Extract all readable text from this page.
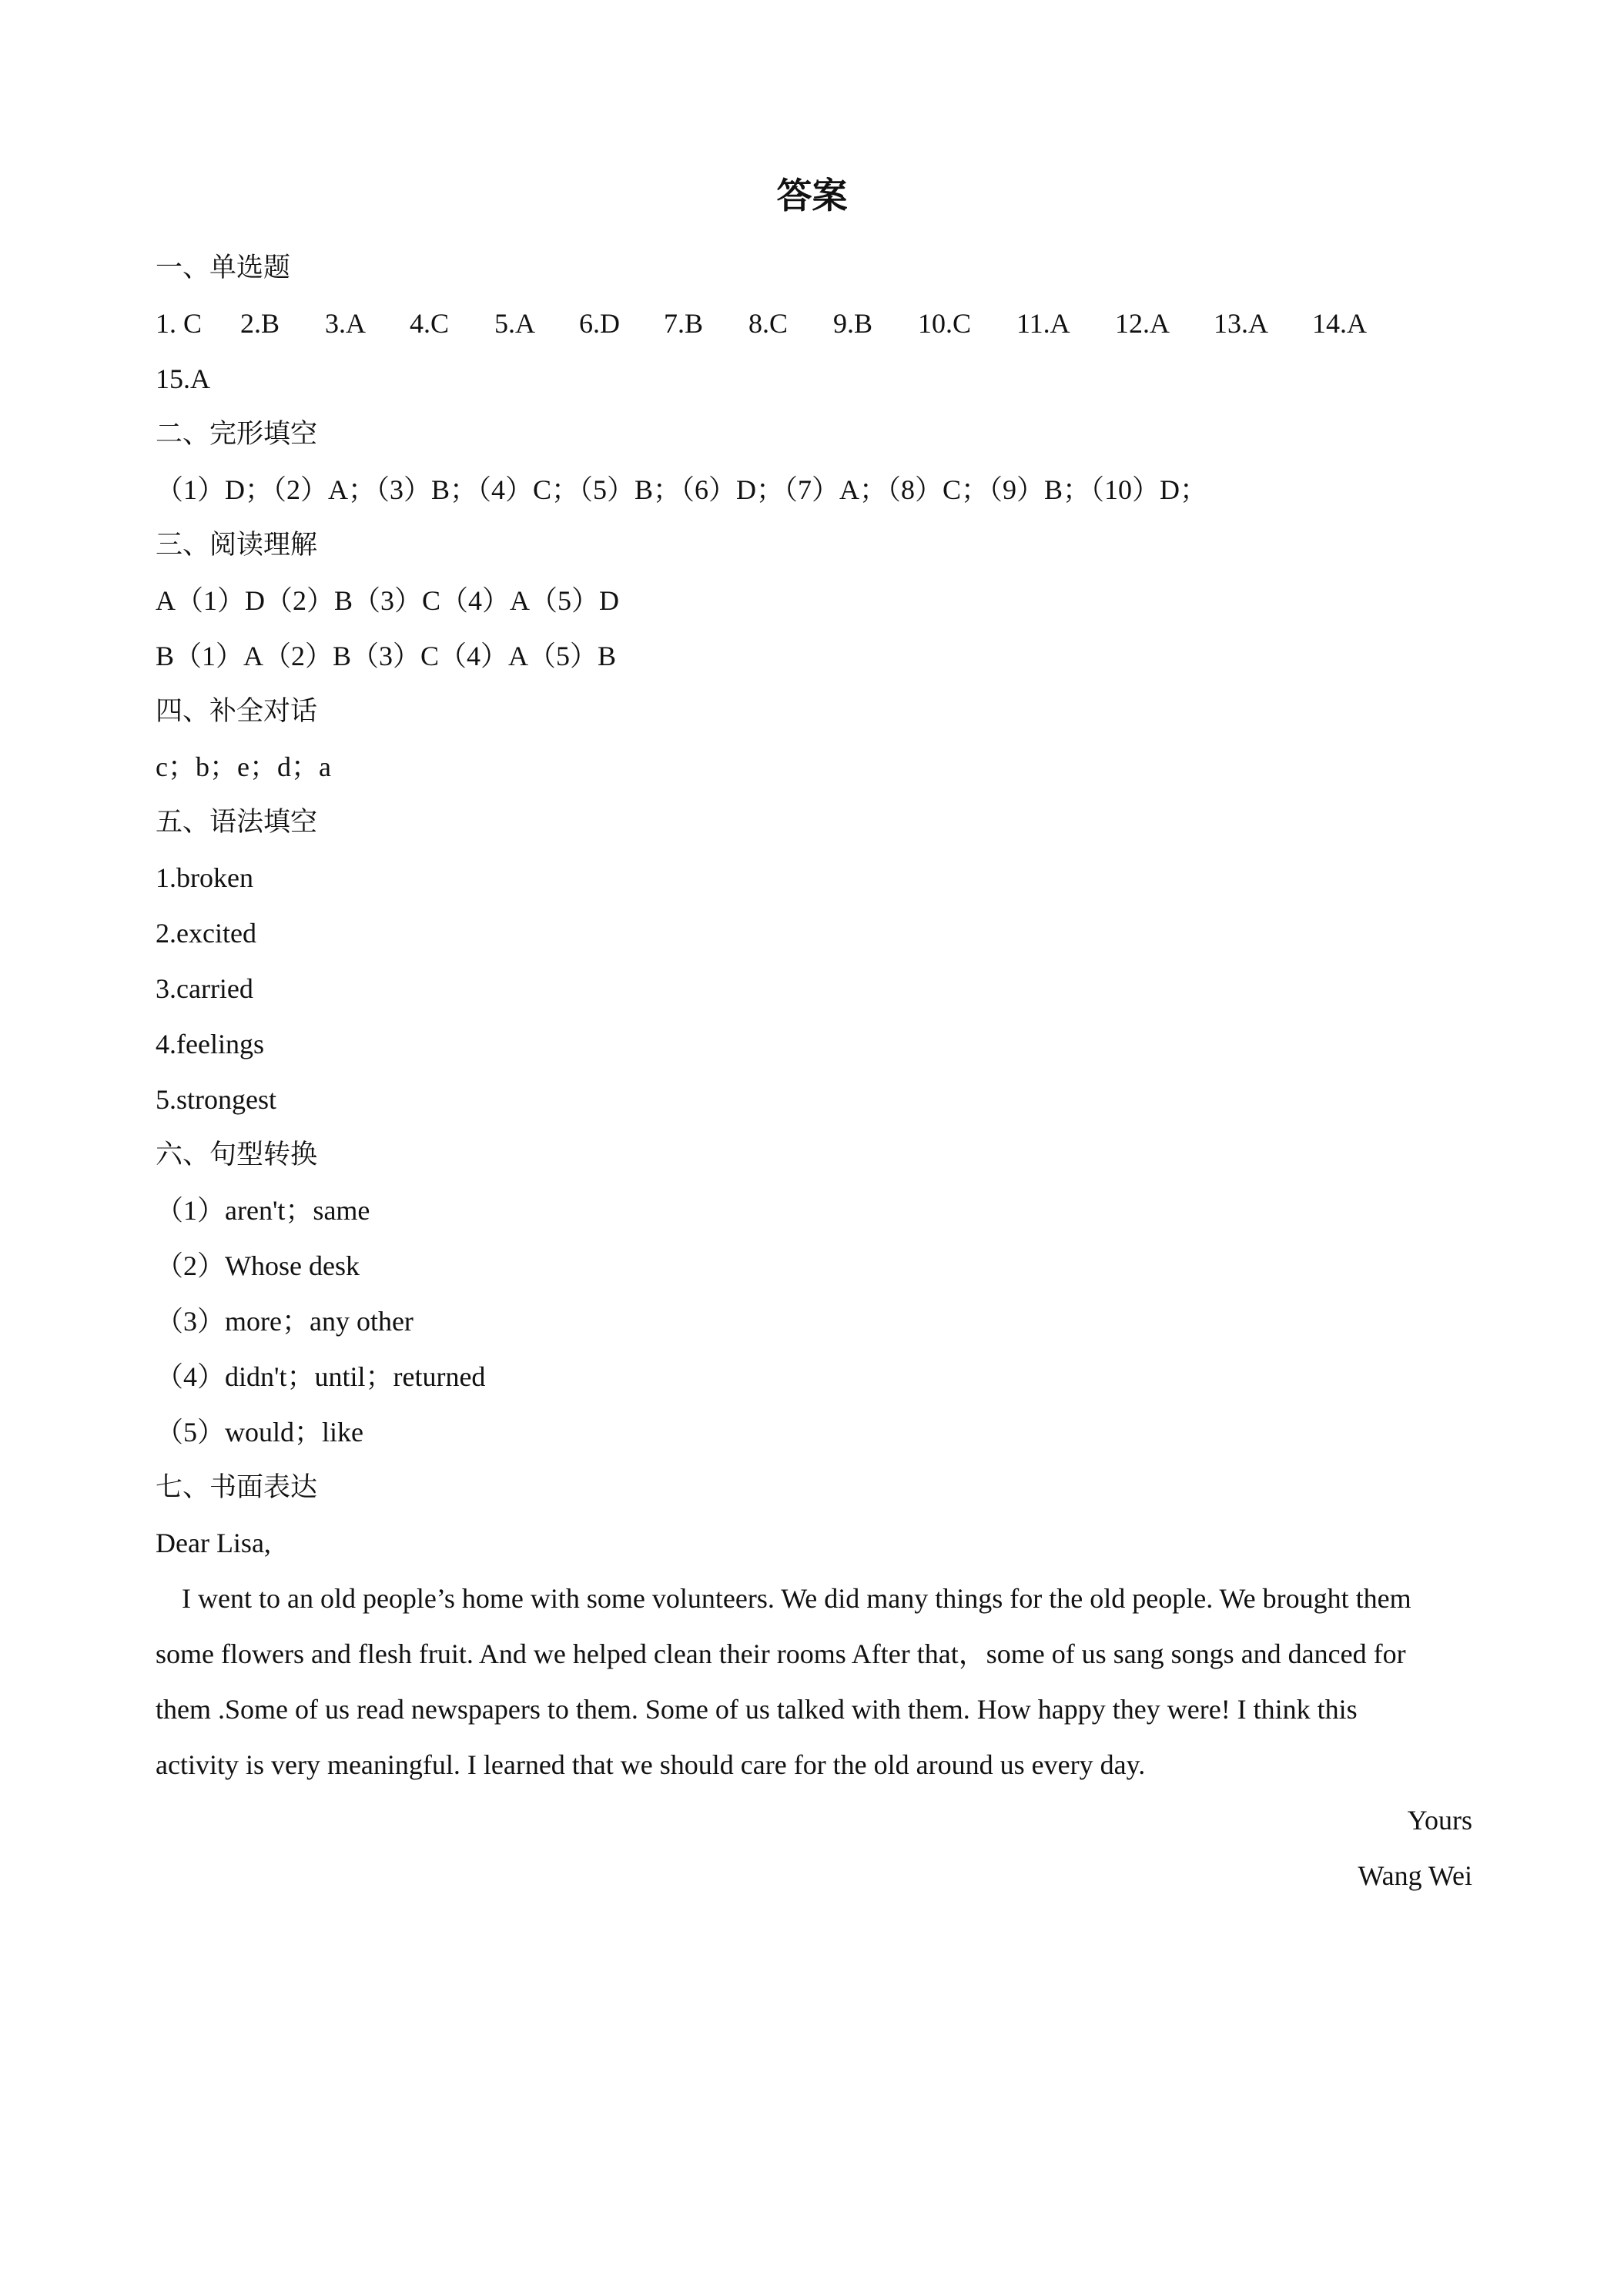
答案
一、单选题
1. C	2.B	3.A	4.C	5.A	6.D	7.B	8.C	9.B	10.C	11.A	12.A	13.A	14.A
15.A
二、完形填空
（1）D；（2）A；（3）B；（4）C；（5）B；（6）D；（7）A；（8）C；（9）B；（10）D；
三、阅读理解
A（1）D（2）B（3）C（4）A（5）D
B（1）A（2）B（3）C（4）A（5）B
四、补全对话
c；b；e；d；a
五、语法填空
1.broken
2.excited
3.carried
4.feelings
5.strongest
六、句型转换
（1）aren't；same
（2）Whose desk
（3）more；any other
（4）didn't；until；returned
（5）would；like
七、书面表达
Dear Lisa,
I went to an old people’s home with some volunteers. We did many things for the old people. We brought them
some flowers and flesh fruit. And we helped clean their rooms After that，some of us sang songs and danced for
them .Some of us read newspapers to them. Some of us talked with them. How happy they were! I think this
activity is very meaningful. I learned that we should care for the old around us every day.
Yours
Wang Wei
